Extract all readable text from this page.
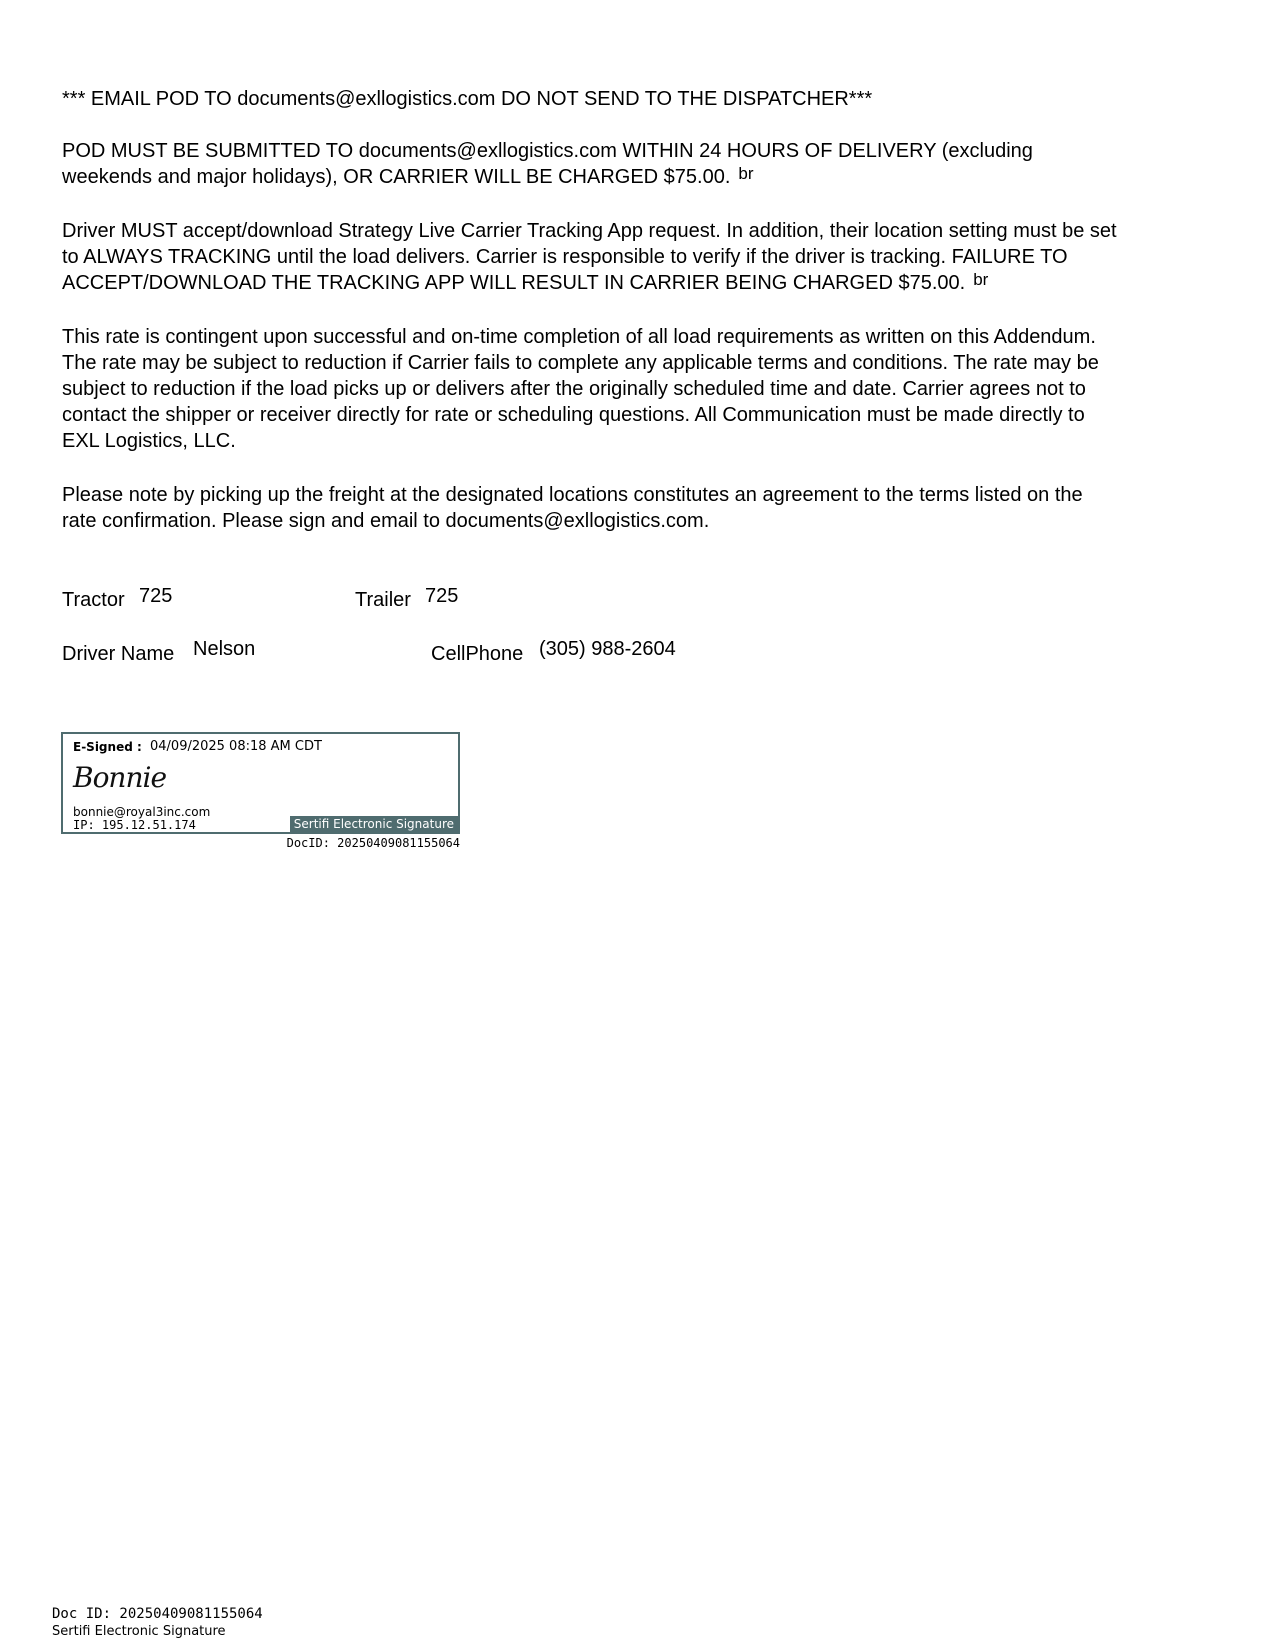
*** EMAIL POD TO documents@exllogistics.com DO NOT SEND TO THE DISPATCHER***

POD MUST BE SUBMITTED TO documents@exllogistics.com WITHIN 24 HOURS OF DELIVERY (excluding
weekends and major holidays), OR CARRIER WILL BE CHARGED $75.00. $^{br}$

Driver MUST accept/download Strategy Live Carrier Tracking App request. In addition, their location setting must be set
to ALWAYS TRACKING until the load delivers. Carrier is responsible to verify if the driver is tracking. FAILURE TO
ACCEPT/DOWNLOAD THE TRACKING APP WILL RESULT IN CARRIER BEING CHARGED $75.00. $^{br}$

This rate is contingent upon successful and on-time completion of all load requirements as written on this Addendum.
The rate may be subject to reduction if Carrier fails to complete any applicable terms and conditions. The rate may be
subject to reduction if the load picks up or delivers after the originally scheduled time and date. Carrier agrees not to
contact the shipper or receiver directly for rate or scheduling questions. All Communication must be made directly to
EXL Logistics, LLC.

Please note by picking up the freight at the designated locations constitutes an agreement to the terms listed on the
rate confirmation. Please sign and email to documents@exllogistics.com.

Tractor 725	Trailer 725
Driver Name Nelson	CellPhone (305) 988-2604
E-Signed : 04/09/2025 08:18 AM CDT
Bonnie
bonnie@royal3inc.com
IP: 195.12.51.174	Sertifi Electronic Signature
DocID: 20250409081155064
Doc ID: 20250409081155064
Sertifi Electronic Signature
